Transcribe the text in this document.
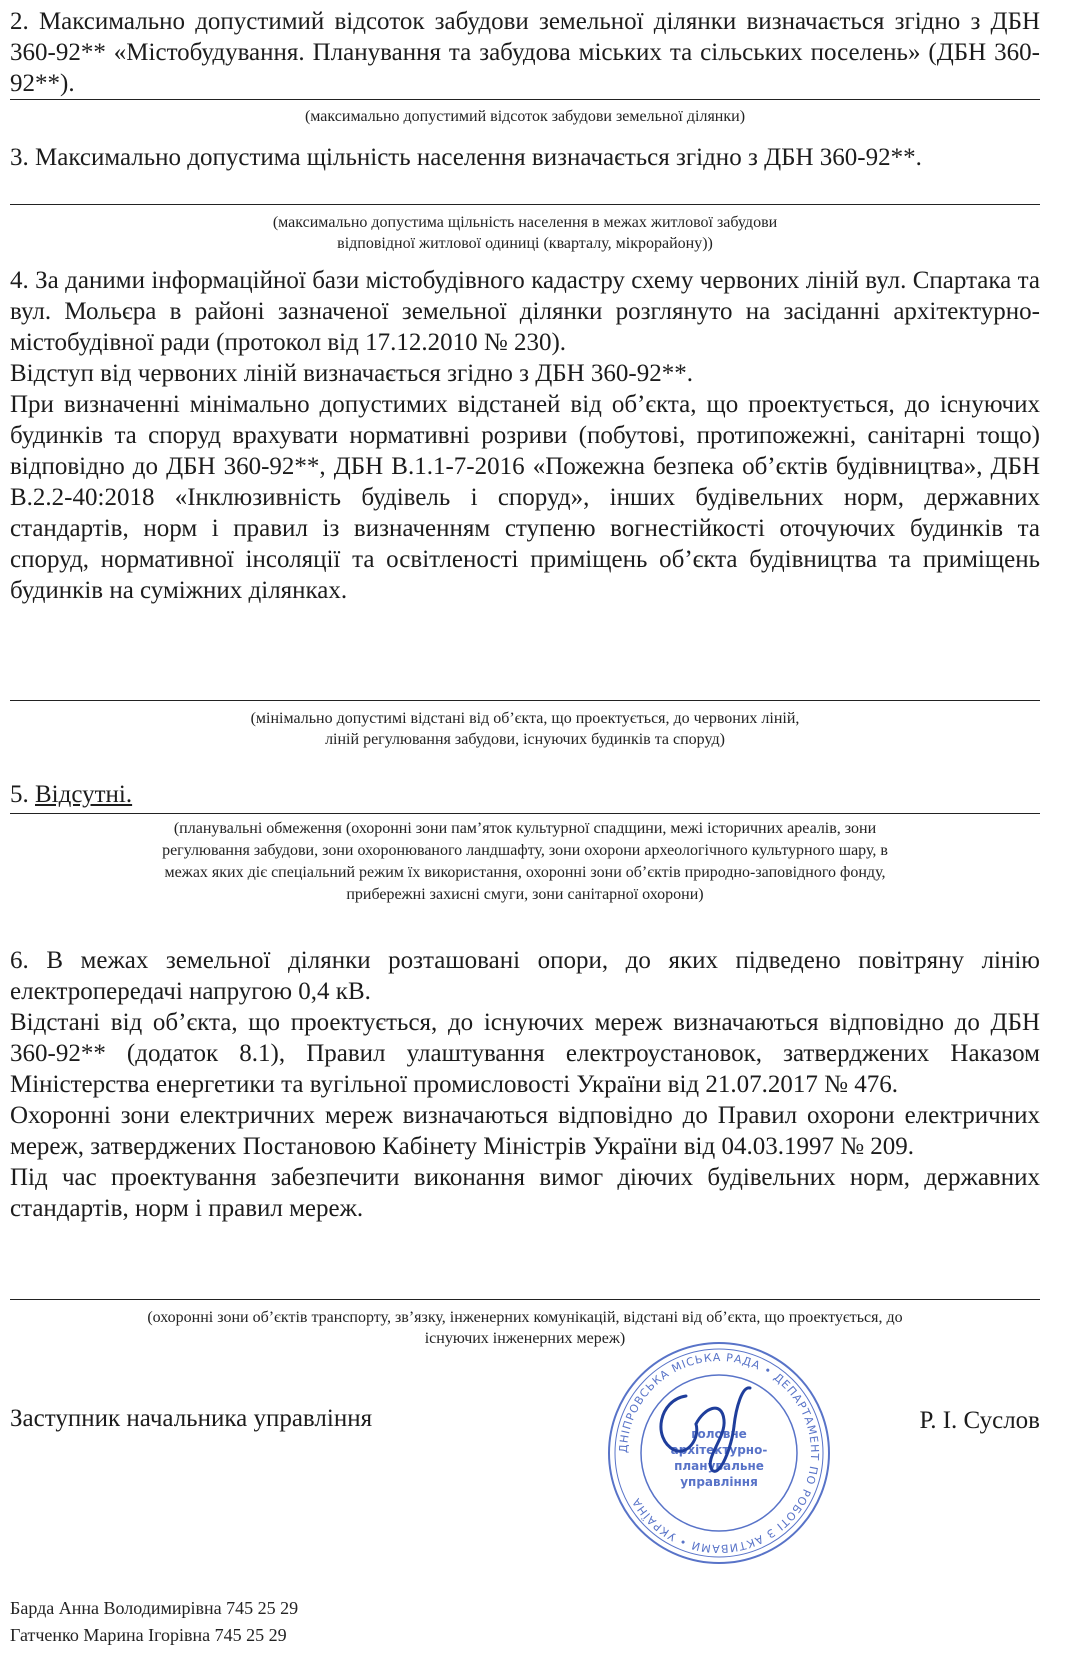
2. Максимально допустимий відсоток забудови земельної ділянки визначається згідно з ДБН 360-92** «Містобудування. Планування та забудова міських та сільських поселень» (ДБН 360-92**).

(максимально допустимий відсоток забудови земельної ділянки)

3. Максимально допустима щільність населення визначається згідно з ДБН 360-92**.

(максимально допустима щільність населення в межах житлової забудови
відповідної житлової одиниці (кварталу, мікрорайону))

4. За даними інформаційної бази містобудівного кадастру схему червоних ліній вул. Спартака та вул. Мольєра в районі зазначеної земельної ділянки розглянуто на засіданні архітектурно-містобудівної ради (протокол від 17.12.2010 № 230).

Відступ від червоних ліній визначається згідно з ДБН 360-92**.

При визначенні мінімально допустимих відстаней від об’єкта, що проектується, до існуючих будинків та споруд врахувати нормативні розриви (побутові, протипожежні, санітарні тощо) відповідно до ДБН 360-92**, ДБН В.1.1-7-2016 «Пожежна безпека об’єктів будівництва», ДБН В.2.2-40:2018 «Інклюзивність будівель і споруд», інших будівельних норм, державних стандартів, норм і правил із визначенням ступеню вогнестійкості оточуючих будинків та споруд, нормативної інсоляції та освітленості приміщень об’єкта будівництва та приміщень будинків на суміжних ділянках.

(мінімально допустимі відстані від об’єкта, що проектується, до червоних ліній,
ліній регулювання забудови, існуючих будинків та споруд)
5. Відсутні.
(планувальні обмеження (охоронні зони пам’яток культурної спадщини, межі історичних ареалів, зони
регулювання забудови, зони охоронюваного ландшафту, зони охорони археологічного культурного шару, в
межах яких діє спеціальний режим їх використання, охоронні зони об’єктів природно-заповідного фонду,
прибережні захисні смуги, зони санітарної охорони)

6. В межах земельної ділянки розташовані опори, до яких підведено повітряну лінію електропередачі напругою 0,4 кВ.

Відстані від об’єкта, що проектується, до існуючих мереж визначаються відповідно до ДБН 360-92** (додаток 8.1), Правил улаштування електроустановок, затверджених Наказом Міністерства енергетики та вугільної промисловості України від 21.07.2017 № 476.

Охоронні зони електричних мереж визначаються відповідно до Правил охорони електричних мереж, затверджених Постановою Кабінету Міністрів України від 04.03.1997 № 209.

Під час проектування забезпечити виконання вимог діючих будівельних норм, державних стандартів, норм і правил мереж.

(охоронні зони об’єктів транспорту, зв’язку, інженерних комунікацій, відстані від об’єкта, що проектується, до
існуючих інженерних мереж)
Заступник начальника управління	Р. І. Суслов
ДНІПРОВСЬКА МІСЬКА РАДА • ДЕПАРТАМЕНТ ПО РОБОТІ З АКТИВАМИ • УКРАЇНА
головне
архітектурно-
планувальне
управління
Барда Анна Володимирівна 745 25 29
Гатченко Марина Ігорівна 745 25 29
